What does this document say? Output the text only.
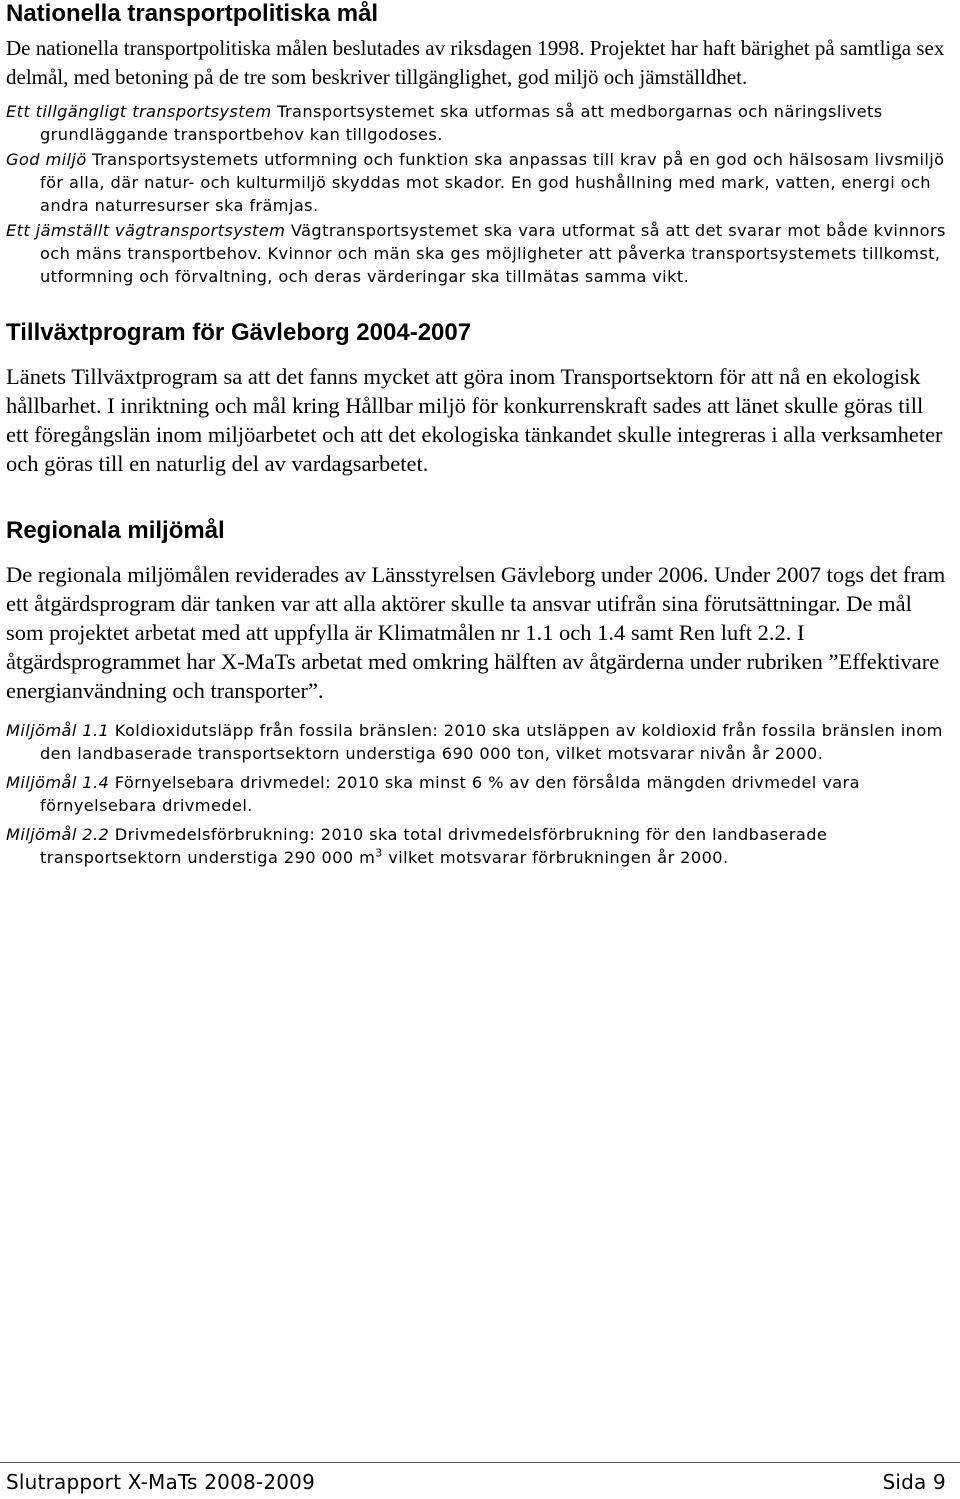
Nationella transportpolitiska mål

De nationella transportpolitiska målen beslutades av riksdagen 1998. Projektet har haft bärighet på samtliga sex delmål, med betoning på de tre som beskriver tillgänglighet, god miljö och jämställdhet.

Ett tillgängligt transportsystem Transportsystemet ska utformas så att medborgarnas och näringslivets grundläggande transportbehov kan tillgodoses.

God miljö Transportsystemets utformning och funktion ska anpassas till krav på en god och hälsosam livsmiljö för alla, där natur- och kulturmiljö skyddas mot skador. En god hushållning med mark, vatten, energi och andra naturresurser ska främjas.

Ett jämställt vägtransportsystem Vägtransportsystemet ska vara utformat så att det svarar mot både kvinnors och mäns transportbehov. Kvinnor och män ska ges möjligheter att påverka transportsystemets tillkomst, utformning och förvaltning, och deras värderingar ska tillmätas samma vikt.

Tillväxtprogram för Gävleborg 2004-2007

Länets Tillväxtprogram sa att det fanns mycket att göra inom Transportsektorn för att nå en ekologisk hållbarhet. I inriktning och mål kring Hållbar miljö för konkurrenskraft sades att länet skulle göras till ett föregångslän inom miljöarbetet och att det ekologiska tänkandet skulle integreras i alla verksamheter och göras till en naturlig del av vardagsarbetet.

Regionala miljömål

De regionala miljömålen reviderades av Länsstyrelsen Gävleborg under 2006. Under 2007 togs det fram ett åtgärdsprogram där tanken var att alla aktörer skulle ta ansvar utifrån sina förutsättningar. De mål som projektet arbetat med att uppfylla är Klimatmålen nr 1.1 och 1.4 samt Ren luft 2.2. I åtgärdsprogrammet har X-MaTs arbetat med omkring hälften av åtgärderna under rubriken ”Effektivare energianvändning och transporter”.

Miljömål 1.1 Koldioxidutsläpp från fossila bränslen: 2010 ska utsläppen av koldioxid från fossila bränslen inom den landbaserade transportsektorn understiga 690 000 ton, vilket motsvarar nivån år 2000.

Miljömål 1.4 Förnyelsebara drivmedel: 2010 ska minst 6 % av den försålda mängden drivmedel vara förnyelsebara drivmedel.

Miljömål 2.2 Drivmedelsförbrukning: 2010 ska total drivmedelsförbrukning för den landbaserade transportsektorn understiga 290 000 $m^3$ vilket motsvarar förbrukningen år 2000.

Slutrapport X-MaTs 2008-2009	Sida 9
